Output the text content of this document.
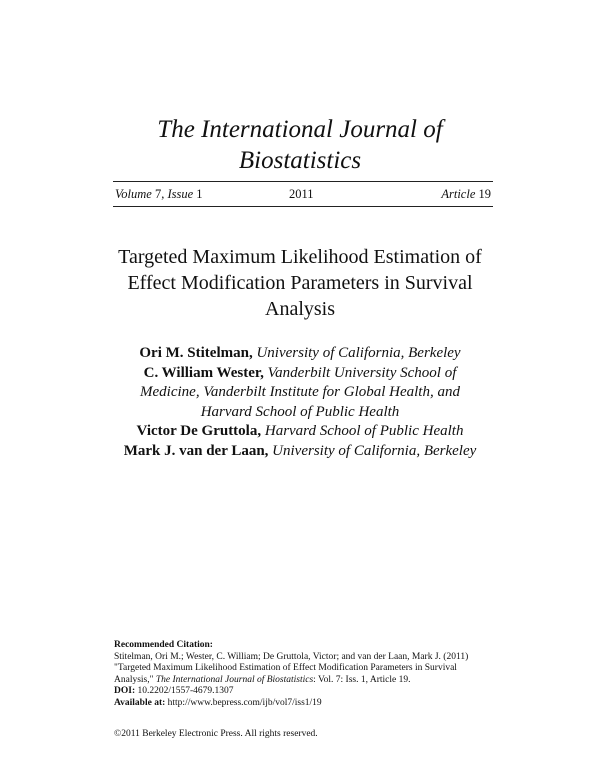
The International Journal of
Biostatistics
Volume 7, Issue 1	2011	Article 19
Targeted Maximum Likelihood Estimation of
Effect Modification Parameters in Survival
Analysis
Ori M. Stitelman, University of California, Berkeley
C. William Wester, Vanderbilt University School of
Medicine, Vanderbilt Institute for Global Health, and
Harvard School of Public Health
Victor De Gruttola, Harvard School of Public Health
Mark J. van der Laan, University of California, Berkeley
Recommended Citation:
Stitelman, Ori M.; Wester, C. William; De Gruttola, Victor; and van der Laan, Mark J. (2011)
"Targeted Maximum Likelihood Estimation of Effect Modification Parameters in Survival
Analysis," The International Journal of Biostatistics: Vol. 7: Iss. 1, Article 19.
DOI: 10.2202/1557-4679.1307
Available at: http://www.bepress.com/ijb/vol7/iss1/19
©2011 Berkeley Electronic Press. All rights reserved.
